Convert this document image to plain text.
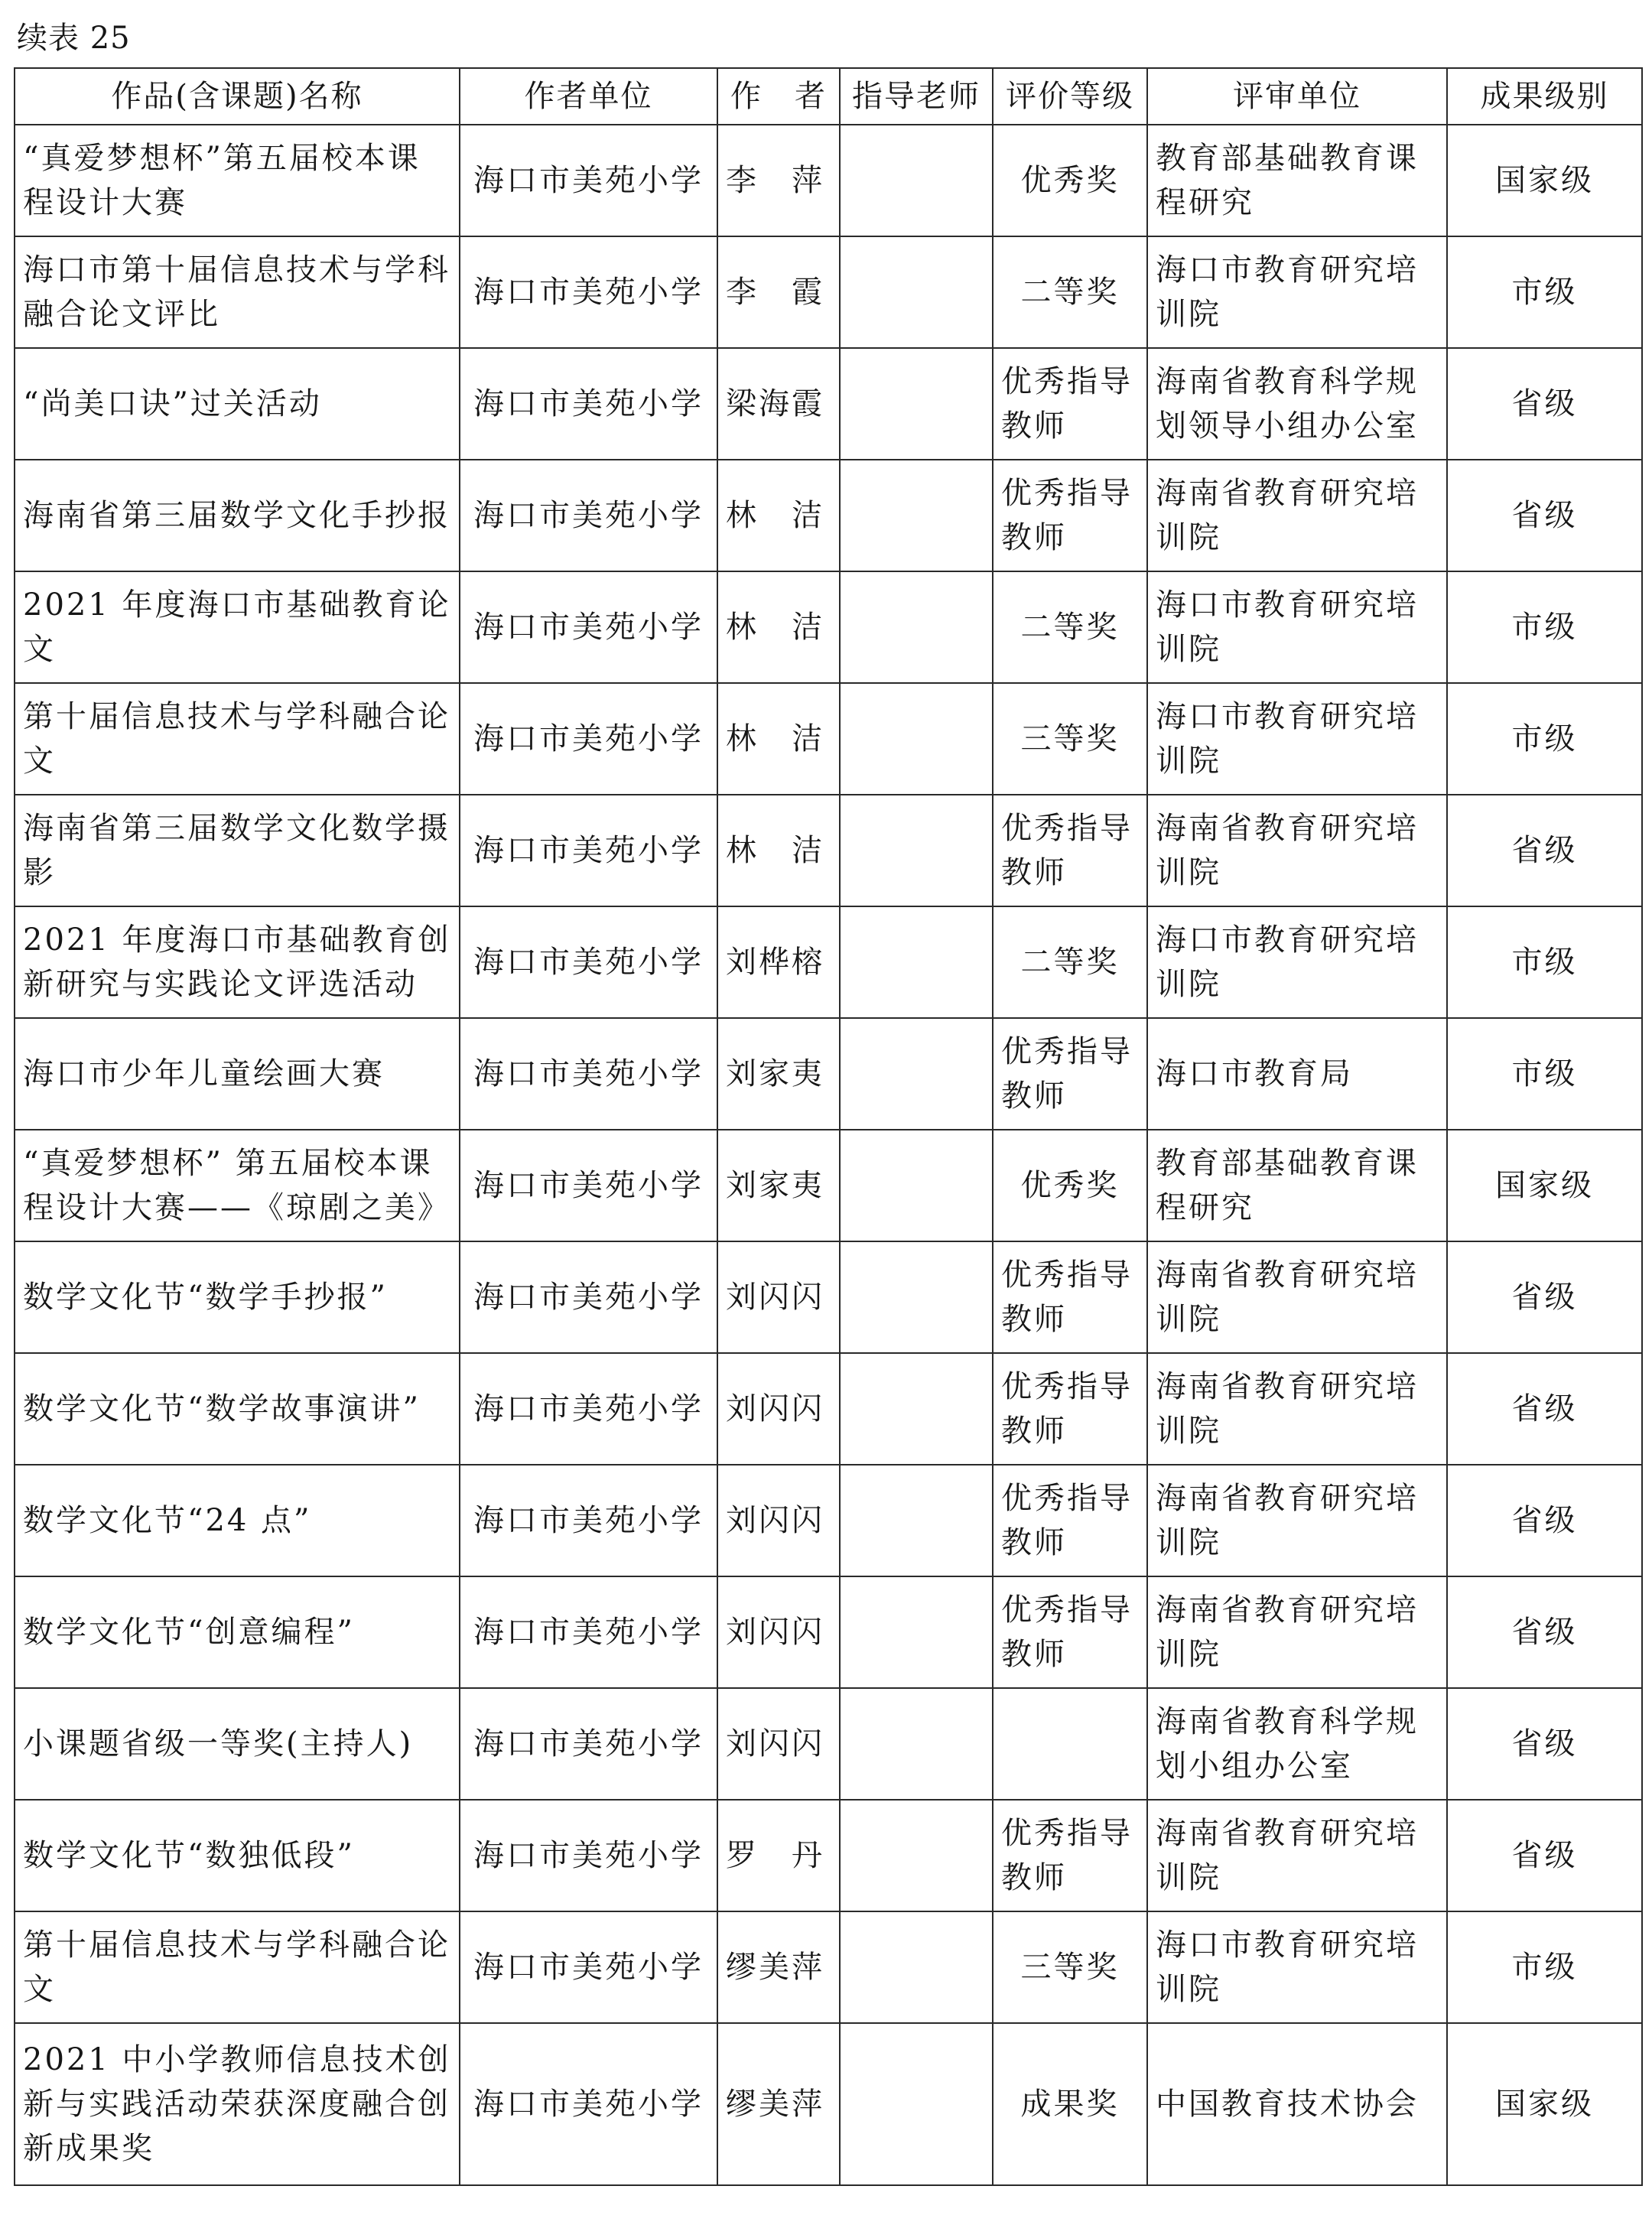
续表 25
作品(含课题)名称	作者单位	作　者	指导老师	评价等级	评审单位	成果级别
“真爱梦想杯”第五届校本课程设计大赛	海口市美苑小学	李　萍		优秀奖	教育部基础教育课程研究	国家级
海口市第十届信息技术与学科融合论文评比	海口市美苑小学	李　霞		二等奖	海口市教育研究培训院	市级
“尚美口诀”过关活动	海口市美苑小学	梁海霞		优秀指导教师	海南省教育科学规划领导小组办公室	省级
海南省第三届数学文化手抄报	海口市美苑小学	林　洁		优秀指导教师	海南省教育研究培训院	省级
2021 年度海口市基础教育论文	海口市美苑小学	林　洁		二等奖	海口市教育研究培训院	市级
第十届信息技术与学科融合论文	海口市美苑小学	林　洁		三等奖	海口市教育研究培训院	市级
海南省第三届数学文化数学摄影	海口市美苑小学	林　洁		优秀指导教师	海南省教育研究培训院	省级
2021 年度海口市基础教育创新研究与实践论文评选活动	海口市美苑小学	刘桦榕		二等奖	海口市教育研究培训院	市级
海口市少年儿童绘画大赛	海口市美苑小学	刘家夷		优秀指导教师	海口市教育局	市级
“真爱梦想杯” 第五届校本课程设计大赛——《琼剧之美》	海口市美苑小学	刘家夷		优秀奖	教育部基础教育课程研究	国家级
数学文化节“数学手抄报”	海口市美苑小学	刘闪闪		优秀指导教师	海南省教育研究培训院	省级
数学文化节“数学故事演讲”	海口市美苑小学	刘闪闪		优秀指导教师	海南省教育研究培训院	省级
数学文化节“24 点”	海口市美苑小学	刘闪闪		优秀指导教师	海南省教育研究培训院	省级
数学文化节“创意编程”	海口市美苑小学	刘闪闪		优秀指导教师	海南省教育研究培训院	省级
小课题省级一等奖(主持人)	海口市美苑小学	刘闪闪			海南省教育科学规划小组办公室	省级
数学文化节“数独低段”	海口市美苑小学	罗　丹		优秀指导教师	海南省教育研究培训院	省级
第十届信息技术与学科融合论文	海口市美苑小学	缪美萍		三等奖	海口市教育研究培训院	市级
2021 中小学教师信息技术创新与实践活动荣获深度融合创新成果奖	海口市美苑小学	缪美萍		成果奖	中国教育技术协会	国家级
